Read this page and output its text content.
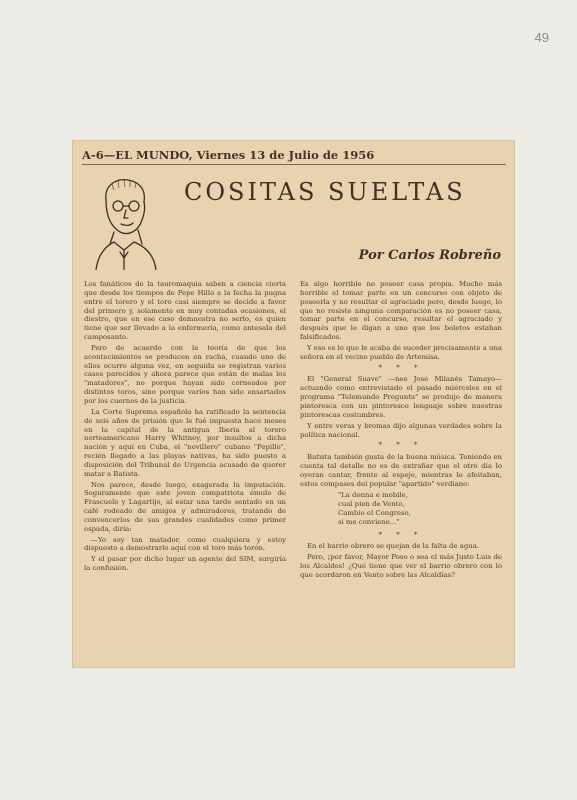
49
A-6—EL MUNDO, Viernes 13 de Julio de 1956
COSITAS SUELTAS
Por Carlos Robreño

Los fanáticos de la tauromaquia saben a ciencia cierta que desde los tiempos de Pepe Hillo a la fecha la pugna entre el torero y el toro casi siempre se decide a favor del primero y, solamente en muy contadas ocasiones, el diestro, que en ese caso demuestra no serlo, es quien tiene que ser llevado a la enfermería, como antesala del camposanto.

Pero de acuerdo con la teoría de que los acontecimientos se producen en racha, cuando uno de ellos ocurre alguna vez, en seguida se registran varios casos parecidos y ahora parece que están de malas los "matadores", no porque hayan sido corneados por distintos toros, sino porque varios han sido ensartados por los cuernos de la justicia.

La Corte Suprema española ha ratificado la sentencia de seis años de prisión que le fué impuesta hace meses en la capital de la antigua Iberia al torero norteamericano Harry Whitney, por insultos a dicha nación y aquí en Cuba, el "novillero" cubano "Pepillo", recién llegado a las playas nativas, ha sido puesto a disposición del Tribunal de Urgencia acusado de querer matar a Batista.

Nos parece, desde luego, exagerada la imputación. Seguramente que este joven compatriota émulo de Frascuelo y Lagartijo, al estar una tarde sentado en un café rodeado de amigos y admiradores, tratando de convencerlos de sus grandes cualidades como primer espada, diría:

—Yo soy tan matador, como cualquiera y estoy dispuesto a demostrarlo aquí con el toro más torón.

Y el pasar por dicho lugar un agente del SIM, surgiría la confusión.

Es algo horrible no poseer casa propia. Mucho más horrible el tomar parte en un concurso con objeto de poseerla y no resultar el agraciado pero, desde luego, lo que no resiste ninguna comparación es no poseer casa, tomar parte en el concurso, resultar el agraciado y después que le digan a uno que los boletos estaban falsificados.

Y eso es lo que le acaba de suceder precisamente a una señora en el vecino pueblo de Artemisa.

* * *

El "General Suave" —nee José Milanés Tamayo— actuando como entrevistado el pasado miércoles en el programa "Telemundo Pregunta" se produjo de manera pintoresca con un pintoresco lenguaje sobre nuestras pintorescas costumbres.

Y entre veras y bromas dijo algunas verdades sobre la política nacional.

* * *

Batista también gusta de la buena música. Teniendo en cuenta tal detalle no es de extrañar que el otro día lo oyeran cantar, frente al espejo, mientras lo afeitaban, estos compases del popular "apartido" verdiano:

"La donna e mobile,
cual pien de Vento,
Cambio el Congreso,
si me conviene..."
* * *

En el barrio obrero se quejan de la falta de agua.

Pero, ¡por favor, Mayor Poso o sea el más Justo Luis de los Alcaldes! ¿Qué tiene que ver el barrio obrero con lo que acordaron en Vento sobre las Alcaldías?
